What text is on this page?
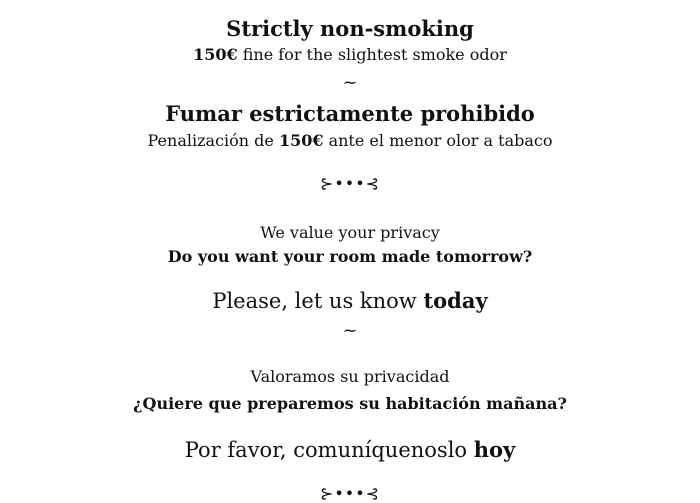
Strictly non-smoking
150€ fine for the slightest smoke odor
~
Fumar estrictamente prohibido
Penalización de 150€ ante el menor olor a tabaco
⊱•••⊰
We value your privacy
Do you want your room made tomorrow?
Please, let us know today
~
Valoramos su privacidad
¿Quiere que preparemos su habitación mañana?
Por favor, comuníquenoslo hoy
⊱•••⊰
